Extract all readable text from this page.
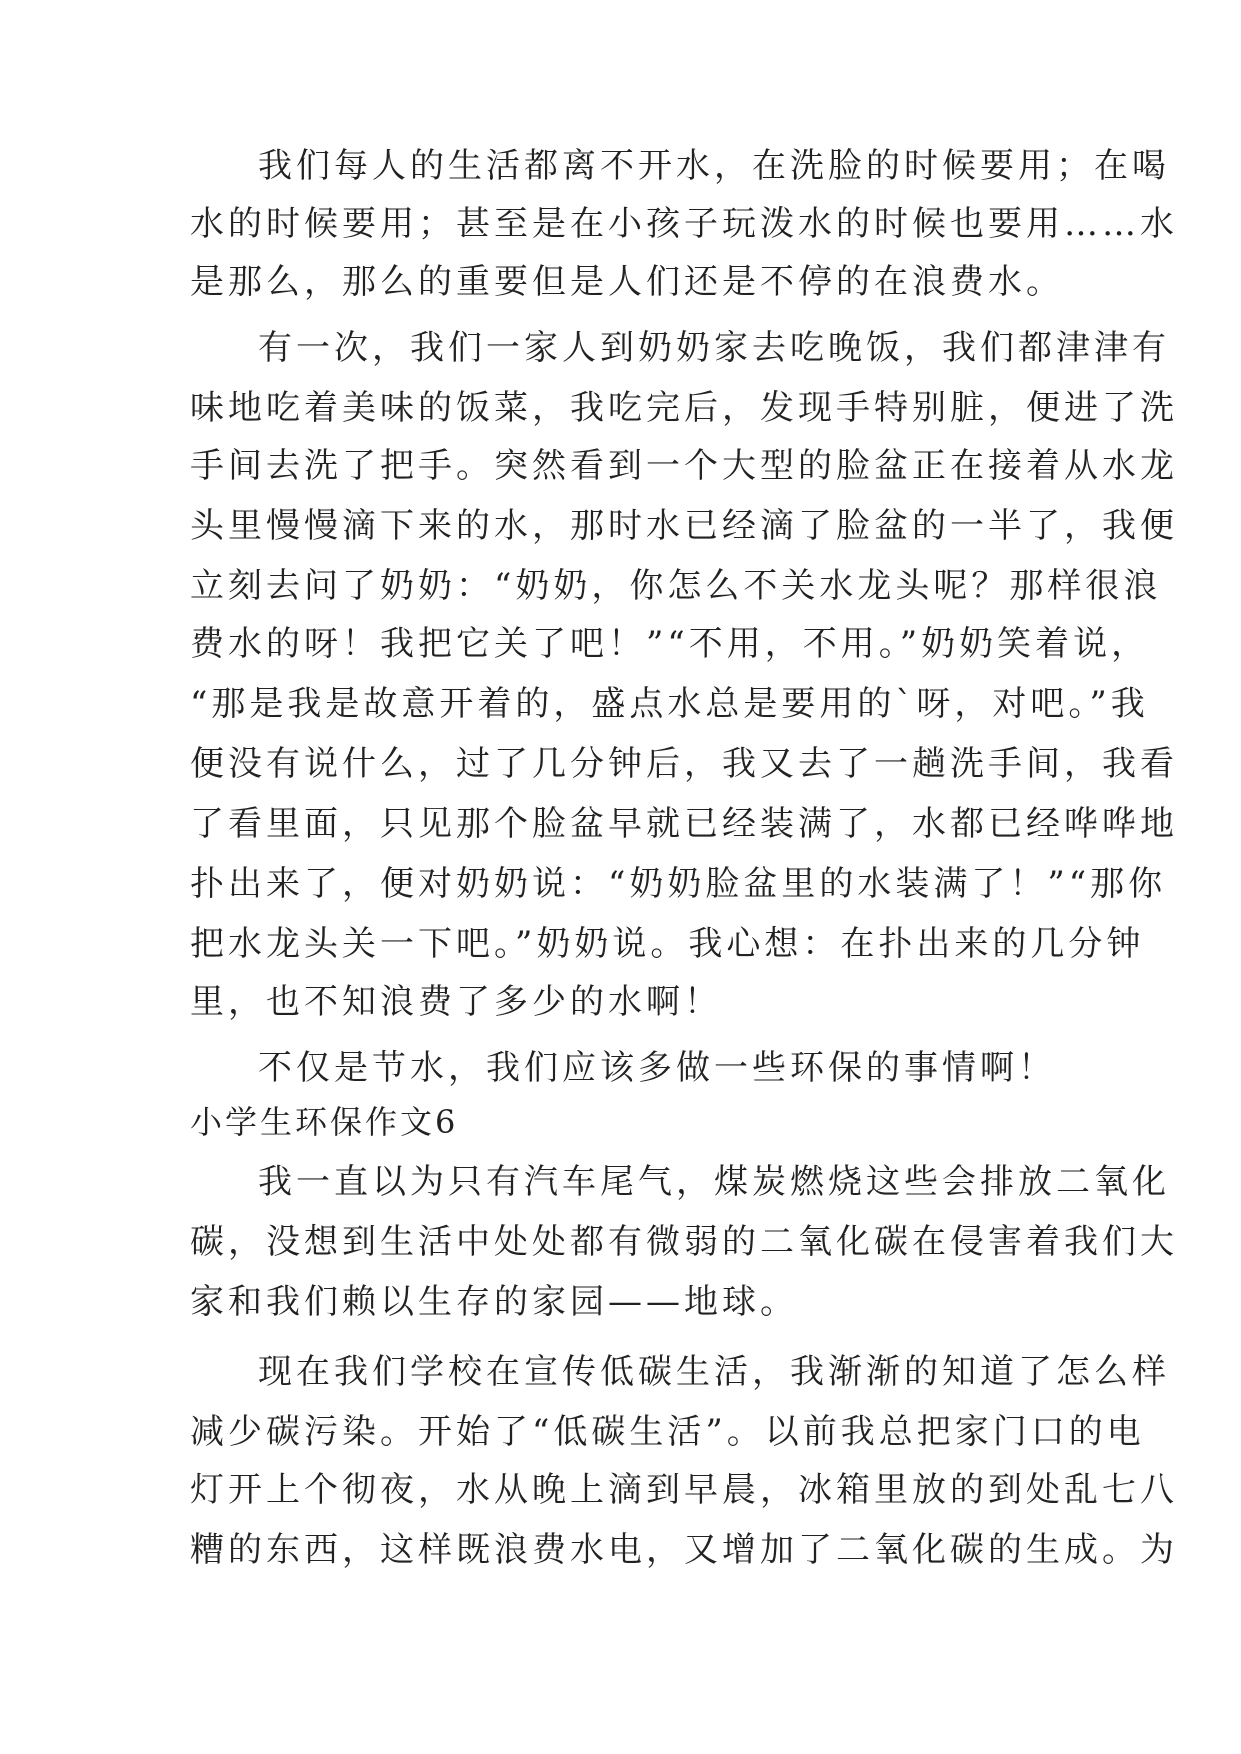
我们每人的生活都离不开水，在洗脸的时候要用；在喝
水的时候要用；甚至是在小孩子玩泼水的时候也要用……水
是那么，那么的重要但是人们还是不停的在浪费水。
有一次，我们一家人到奶奶家去吃晚饭，我们都津津有
味地吃着美味的饭菜，我吃完后，发现手特别脏，便进了洗
手间去洗了把手。突然看到一个大型的脸盆正在接着从水龙
头里慢慢滴下来的水，那时水已经滴了脸盆的一半了，我便
立刻去问了奶奶：“奶奶，你怎么不关水龙头呢？那样很浪
费水的呀！我把它关了吧！”“不用，不用。”奶奶笑着说，
“那是我是故意开着的，盛点水总是要用的`呀，对吧。”我
便没有说什么，过了几分钟后，我又去了一趟洗手间，我看
了看里面，只见那个脸盆早就已经装满了，水都已经哗哗地
扑出来了，便对奶奶说：“奶奶脸盆里的水装满了！”“那你
把水龙头关一下吧。”奶奶说。我心想：在扑出来的几分钟
里，也不知浪费了多少的水啊！
不仅是节水，我们应该多做一些环保的事情啊！
小学生环保作文6
我一直以为只有汽车尾气，煤炭燃烧这些会排放二氧化
碳，没想到生活中处处都有微弱的二氧化碳在侵害着我们大
家和我们赖以生存的家园——地球。
现在我们学校在宣传低碳生活，我渐渐的知道了怎么样
减少碳污染。开始了“低碳生活”。以前我总把家门口的电
灯开上个彻夜，水从晚上滴到早晨，冰箱里放的到处乱七八
糟的东西，这样既浪费水电，又增加了二氧化碳的生成。为
